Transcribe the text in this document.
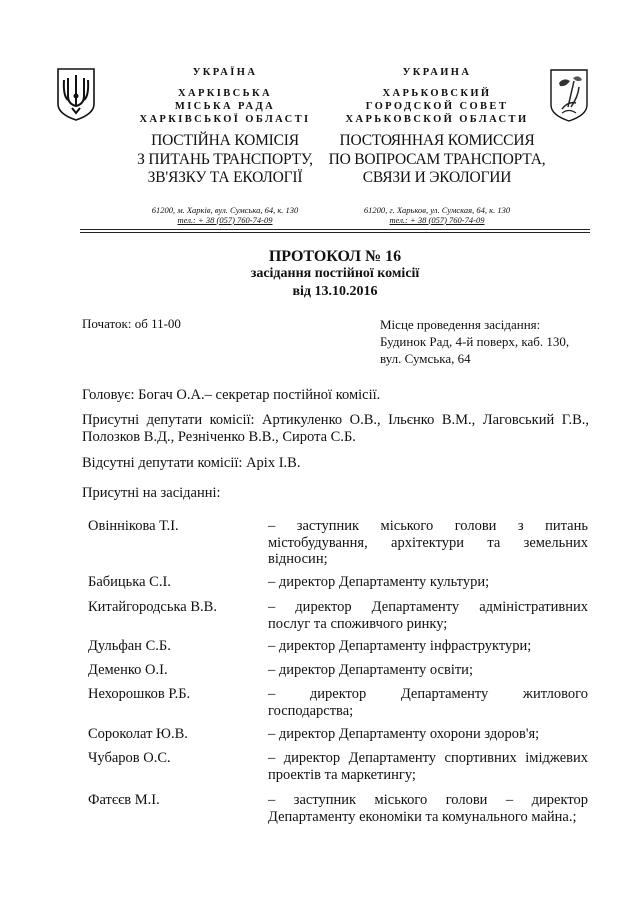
УКРАЇНА
ХАРКІВСЬКА
МІСЬКА РАДА
ХАРКІВСЬКОЇ ОБЛАСТІ
ПОСТІЙНА КОМІСІЯ
З ПИТАНЬ ТРАНСПОРТУ,
ЗВ'ЯЗКУ ТА ЕКОЛОГІЇ
61200, м. Харків, вул. Сумська, 64, к. 130
тел.: + 38 (057) 760-74-09
УКРАИНА
ХАРЬКОВСКИЙ
ГОРОДСКОЙ СОВЕТ
ХАРЬКОВСКОЙ ОБЛАСТИ
ПОСТОЯННАЯ КОМИССИЯ
ПО ВОПРОСАМ ТРАНСПОРТА,
СВЯЗИ И ЭКОЛОГИИ
61200, г. Харьков, ул. Сумская, 64, к. 130
тел.: + 38 (057) 760-74-09
ПРОТОКОЛ № 16
засідання постійної комісії
від 13.10.2016
Початок: об 11-00	Місце проведення засідання:
Будинок Рад, 4-й поверх, каб. 130,
вул. Сумська, 64
Головує: Богач О.А.– секретар постійної комісії.
Присутні депутати комісії: Артикуленко О.В., Ільєнко В.М., Лаговський Г.В.,
Полозков В.Д., Резніченко В.В., Сирота С.Б.
Відсутні депутати комісії: Аріх І.В.
Присутні на засіданні:
Овіннікова Т.І.	– заступник міського голови з питань
містобудування, архітектури та земельних
відносин;
Бабицька С.І.	– директор Департаменту культури;
Китайгородська В.В.	– директор Департаменту адміністративних
послуг та споживчого ринку;
Дульфан С.Б.	– директор Департаменту інфраструктури;
Деменко О.І.	– директор Департаменту освіти;
Нехорошков Р.Б.	– директор Департаменту житлового
господарства;
Сороколат Ю.В.	– директор Департаменту охорони здоров'я;
Чубаров О.С.	– директор Департаменту спортивних іміджевих
проектів та маркетингу;
Фатєєв М.І.	– заступник міського голови – директор
Департаменту економіки та комунального майна.;
